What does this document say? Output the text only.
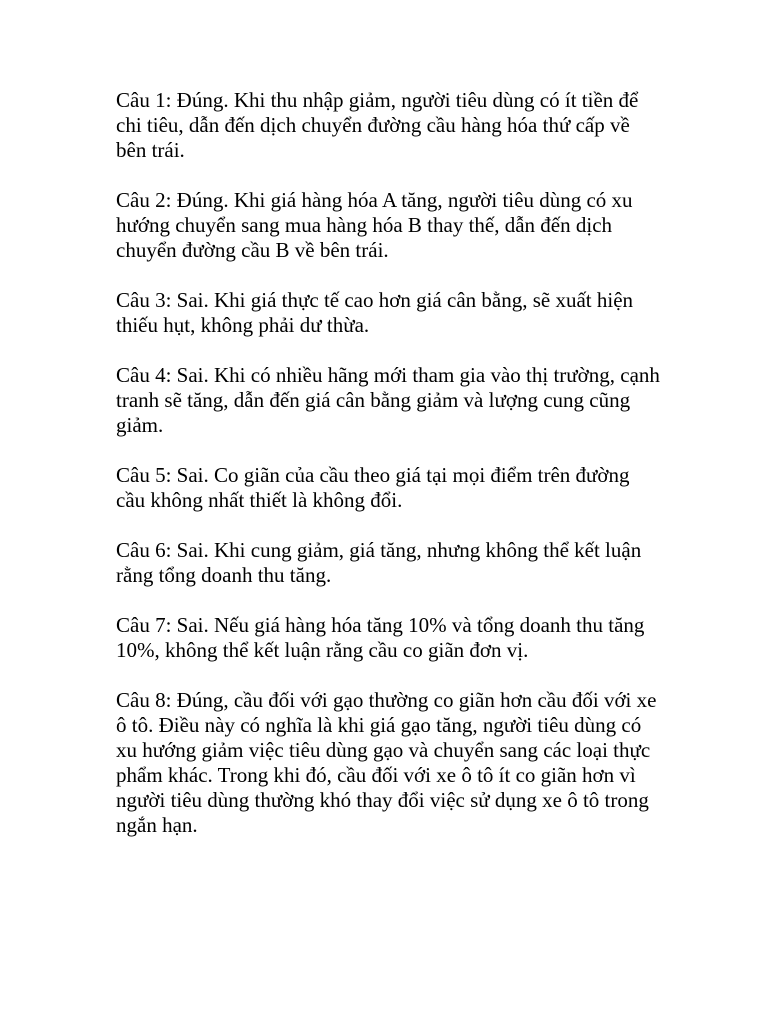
Câu 1: Đúng. Khi thu nhập giảm, người tiêu dùng có ít tiền để chi tiêu, dẫn đến dịch chuyển đường cầu hàng hóa thứ cấp về bên trái.

Câu 2: Đúng. Khi giá hàng hóa A tăng, người tiêu dùng có xu hướng chuyển sang mua hàng hóa B thay thế, dẫn đến dịch chuyển đường cầu B về bên trái.

Câu 3: Sai. Khi giá thực tế cao hơn giá cân bằng, sẽ xuất hiện thiếu hụt, không phải dư thừa.

Câu 4: Sai. Khi có nhiều hãng mới tham gia vào thị trường, cạnh tranh sẽ tăng, dẫn đến giá cân bằng giảm và lượng cung cũng giảm.

Câu 5: Sai. Co giãn của cầu theo giá tại mọi điểm trên đường cầu không nhất thiết là không đổi.

Câu 6: Sai. Khi cung giảm, giá tăng, nhưng không thể kết luận rằng tổng doanh thu tăng.

Câu 7: Sai. Nếu giá hàng hóa tăng 10% và tổng doanh thu tăng 10%, không thể kết luận rằng cầu co giãn đơn vị.

Câu 8: Đúng, cầu đối với gạo thường co giãn hơn cầu đối với xe ô tô. Điều này có nghĩa là khi giá gạo tăng, người tiêu dùng có xu hướng giảm việc tiêu dùng gạo và chuyển sang các loại thực phẩm khác. Trong khi đó, cầu đối với xe ô tô ít co giãn hơn vì người tiêu dùng thường khó thay đổi việc sử dụng xe ô tô trong ngắn hạn.
